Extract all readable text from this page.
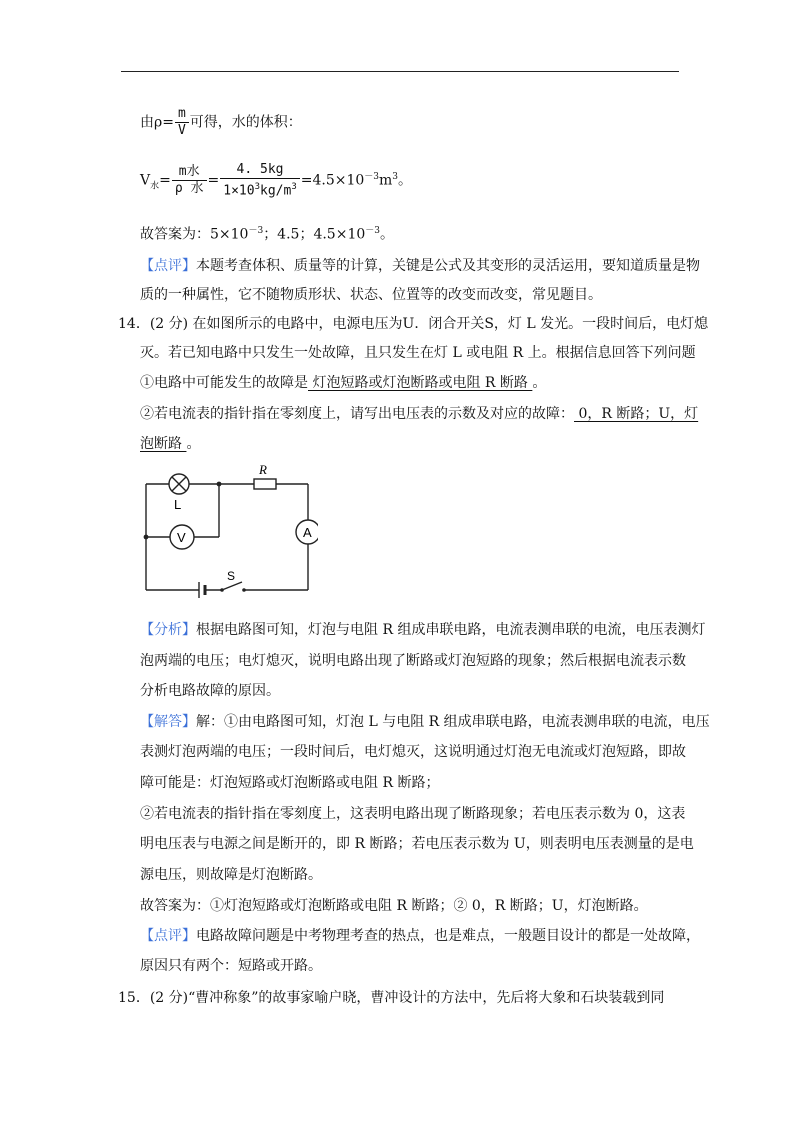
由$\rho= \frac{m}{V}$ 可得，水的体积：
$V_水= \frac{\text{m水}}{\text{ρ 水}} = \frac{4. 5kg}{1\times 10^3kg/m^3} =4.5\times 10^{-3}m^3$。
故答案为：$5\times 10^{-3}$；4.5；$4.5\times 10^{-3}$。
【点评】本题考查体积、质量等的计算，关键是公式及其变形的灵活运用，要知道质量是物
质的一种属性，它不随物质形状、状态、位置等的改变而改变，常见题目。
14．(2 分) 在如图所示的电路中，电源电压为U．闭合开关S，灯 L 发光。一段时间后，电灯熄
灭。若已知电路中只发生一处故障，且只发生在灯 L 或电阻 R 上。根据信息回答下列问题
①电路中可能发生的故障是 灯泡短路或灯泡断路或电阻 R 断路 。
②若电流表的指针指在零刻度上，请写出电压表的示数及对应的故障： 0，R 断路；U，灯
泡断路 。
L
R
V	A
S
【分析】根据电路图可知，灯泡与电阻 R 组成串联电路，电流表测串联的电流，电压表测灯
泡两端的电压；电灯熄灭，说明电路出现了断路或灯泡短路的现象；然后根据电流表示数
分析电路故障的原因。
【解答】解：①由电路图可知，灯泡 L 与电阻 R 组成串联电路，电流表测串联的电流，电压
表测灯泡两端的电压；一段时间后，电灯熄灭，这说明通过灯泡无电流或灯泡短路，即故
障可能是：灯泡短路或灯泡断路或电阻 R 断路；
②若电流表的指针指在零刻度上，这表明电路出现了断路现象；若电压表示数为 0，这表
明电压表与电源之间是断开的，即 R 断路；若电压表示数为 U，则表明电压表测量的是电
源电压，则故障是灯泡断路。
故答案为：①灯泡短路或灯泡断路或电阻 R 断路；② 0，R 断路；U，灯泡断路。
【点评】电路故障问题是中考物理考查的热点，也是难点，一般题目设计的都是一处故障，
原因只有两个：短路或开路。
15．(2 分)“曹冲称象”的故事家喻户晓，曹冲设计的方法中，先后将大象和石块装载到同
